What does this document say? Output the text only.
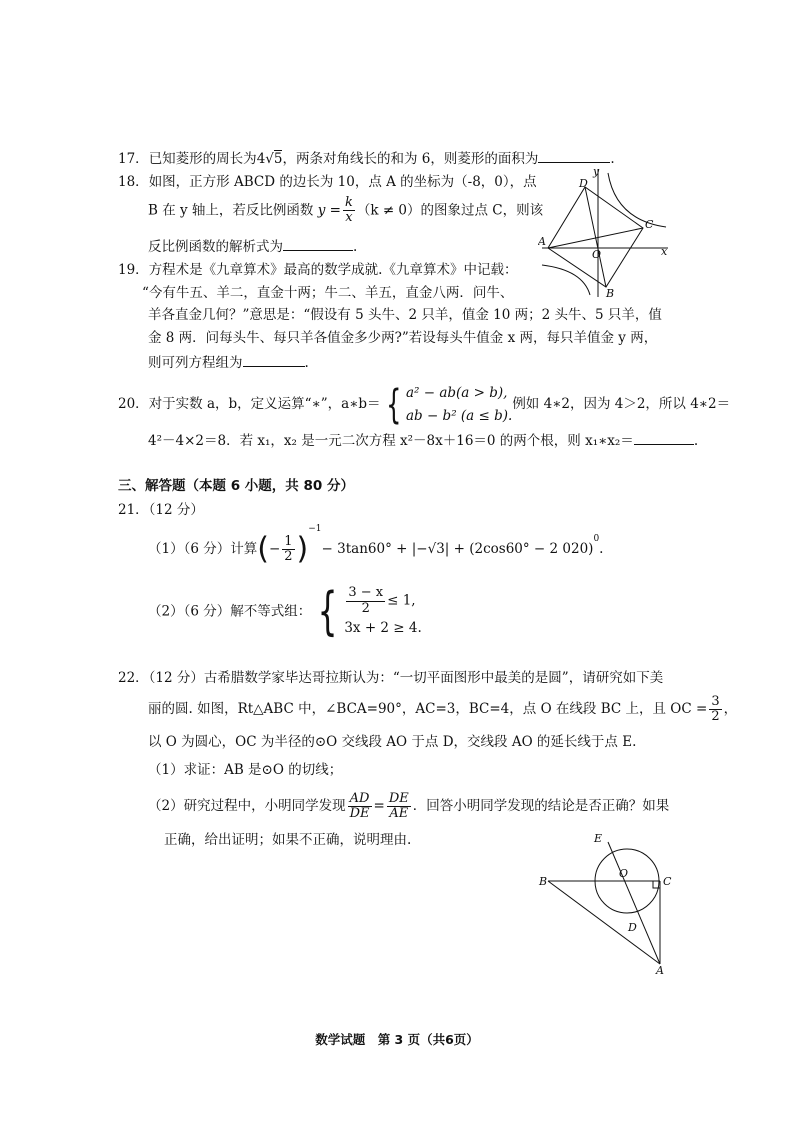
17．已知菱形的周长为4√5，两条对角线长的和为 6，则菱形的面积为	.
18．如图，正方形 ABCD 的边长为 10，点 A 的坐标为（-8，0），点
B 在 y 轴上，若反比例函数 $y = \frac{k}{x} (k \ne 0)$的图象过点 C，则该
反比例函数的解析式为	.
D
y
C
A
O	x
B
19．方程术是《九章算术》最高的数学成就.《九章算术》中记载：
“今有牛五、羊二，直金十两；牛二、羊五，直金八两．问牛、
羊各直金几何？”意思是：“假设有 5 头牛、2 只羊，值金 10 两；2 头牛、5 只羊，值
金 8 两．问每头牛、每只羊各值金多少两?”若设每头牛值金 x 两，每只羊值金 y 两，
则可列方程组为	.
20．对于实数 a，b，定义运算“∗”，a∗b＝ { a² − ab(a > b),
ab − b² (a ≤ b).
例如 4∗2，因为 4＞2，所以 4∗2＝
4²－4×2＝8．若 x₁，x₂ 是一元二次方程 x²－8x＋16＝0 的两个根，则 x₁∗x₂＝	.
三、解答题（本题 6 小题，共 80 分）
21．（12 分）
（1）（6 分）计算(− $\frac{1}{2} )^{-1}- 3\tan 60^\circ + |-√3| + (2\cos 60^\circ - 2$ 020)$^0$.
（2）（6 分）解不等式组： { $\frac{3 - x}{2} \le 1$,
3x + 2 ≥ 4.
22．（12 分）古希腊数学家毕达哥拉斯认为：“一切平面图形中最美的是圆”，请研究如下美
丽的圆. 如图，Rt△ABC 中，∠BCA=90°，AC=3，BC=4，点 O 在线段 BC 上，且 OC = $\frac{3}{2}$ ，
以 O 为圆心，OC 为半径的⊙O 交线段 AO 于点 D，交线段 AO 的延长线于点 E.
（1）求证：AB 是⊙O 的切线；
（2）研究过程中，小明同学发现 $\frac{AD}{DE} = \frac{DE}{AE}$ ．回答小明同学发现的结论是否正确？如果
正确，给出证明；如果不正确，说明理由.	E
O
B	C
D
A
数学试题　第 3 页（共6页）
